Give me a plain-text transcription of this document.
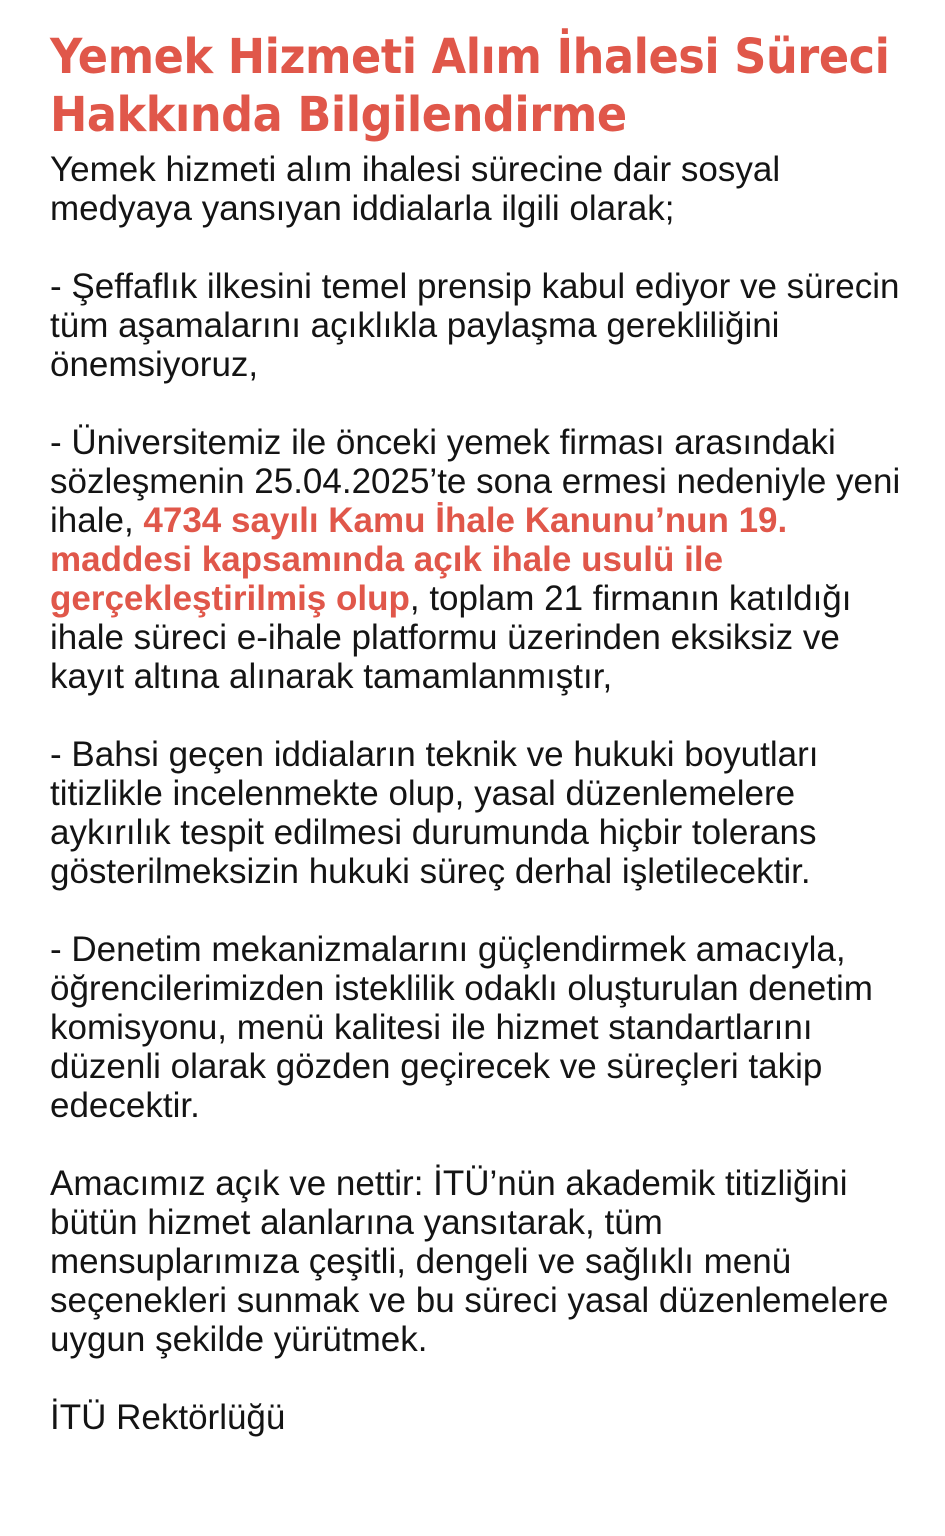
Yemek Hizmeti Alım İhalesi Süreci Hakkında Bilgilendirme

Yemek hizmeti alım ihalesi sürecine dair sosyal medyaya yansıyan iddialarla ilgili olarak;

- Şeffaflık ilkesini temel prensip kabul ediyor ve sürecin tüm aşamalarını açıklıkla paylaşma gerekliliğini önemsiyoruz,

- Üniversitemiz ile önceki yemek firması arasındaki sözleşmenin 25.04.2025’te sona ermesi nedeniyle yeni ihale, 4734 sayılı Kamu İhale Kanunu’nun 19. maddesi kapsamında açık ihale usulü ile gerçekleştirilmiş olup, toplam 21 firmanın katıldığı ihale süreci e-ihale platformu üzerinden eksiksiz ve kayıt altına alınarak tamamlanmıştır,

- Bahsi geçen iddiaların teknik ve hukuki boyutları titizlikle incelenmekte olup, yasal düzenlemelere aykırılık tespit edilmesi durumunda hiçbir tolerans gösterilmeksizin hukuki süreç derhal işletilecektir.

- Denetim mekanizmalarını güçlendirmek amacıyla, öğrencilerimizden isteklilik odaklı oluşturulan denetim komisyonu, menü kalitesi ile hizmet standartlarını düzenli olarak gözden geçirecek ve süreçleri takip edecektir.

Amacımız açık ve nettir: İTÜ’nün akademik titizliğini bütün hizmet alanlarına yansıtarak, tüm mensuplarımıza çeşitli, dengeli ve sağlıklı menü seçenekleri sunmak ve bu süreci yasal düzenlemelere uygun şekilde yürütmek.

İTÜ Rektörlüğü
